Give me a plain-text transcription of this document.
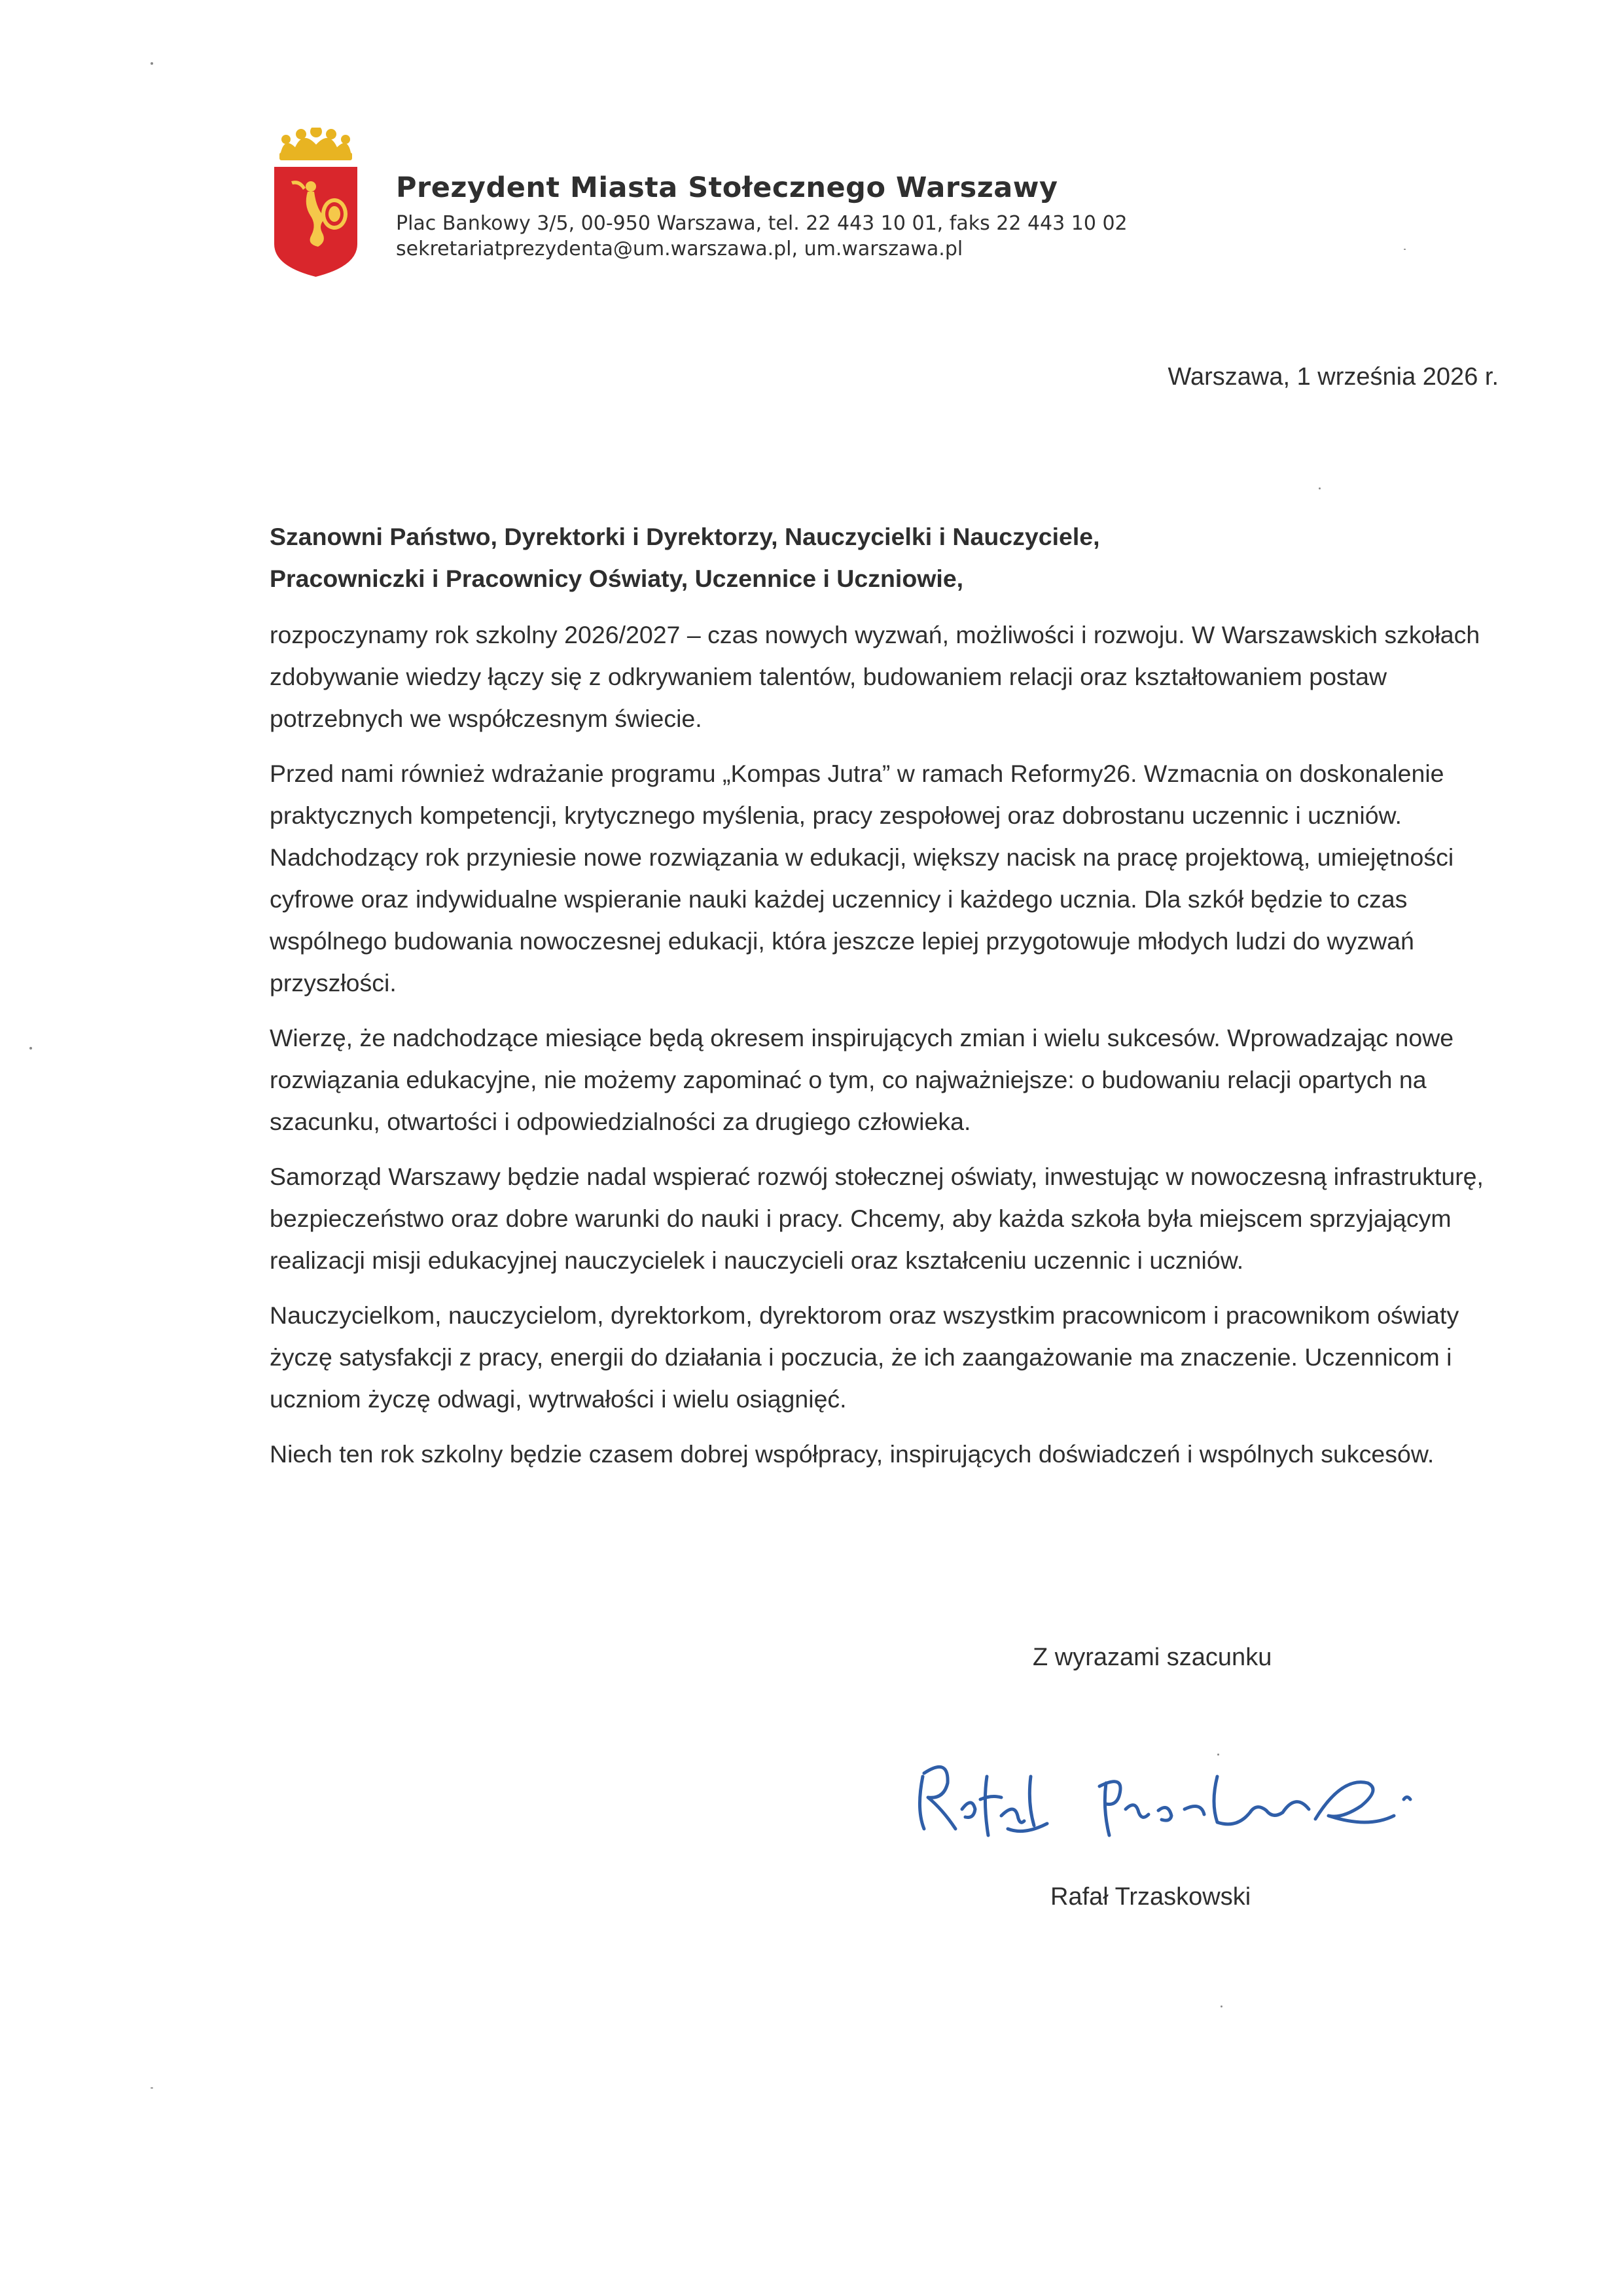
Prezydent Miasta Stołecznego Warszawy
Plac Bankowy 3/5, 00-950 Warszawa, tel. 22 443 10 01, faks 22 443 10 02
sekretariatprezydenta@um.warszawa.pl, um.warszawa.pl
Warszawa, 1 września 2026 r.
Szanowni Państwo, Dyrektorki i Dyrektorzy, Nauczycielki i Nauczyciele,
Pracowniczki i Pracownicy Oświaty, Uczennice i Uczniowie,

rozpoczynamy rok szkolny 2026/2027 – czas nowych wyzwań, możliwości i rozwoju. W Warszawskich szkołach zdobywanie wiedzy łączy się z odkrywaniem talentów, budowaniem relacji oraz kształtowaniem postaw potrzebnych we współczesnym świecie.

Przed nami również wdrażanie programu „Kompas Jutra” w ramach Reformy26. Wzmacnia on doskonalenie praktycznych kompetencji, krytycznego myślenia, pracy zespołowej oraz dobrostanu uczennic i uczniów. Nadchodzący rok przyniesie nowe rozwiązania w edukacji, większy nacisk na pracę projektową, umiejętności cyfrowe oraz indywidualne wspieranie nauki każdej uczennicy i każdego ucznia. Dla szkół będzie to czas wspólnego budowania nowoczesnej edukacji, która jeszcze lepiej przygotowuje młodych ludzi do wyzwań przyszłości.

Wierzę, że nadchodzące miesiące będą okresem inspirujących zmian i wielu sukcesów. Wprowadzając nowe rozwiązania edukacyjne, nie możemy zapominać o tym, co najważniejsze: o budowaniu relacji opartych na szacunku, otwartości i odpowiedzialności za drugiego człowieka.

Samorząd Warszawy będzie nadal wspierać rozwój stołecznej oświaty, inwestując w nowoczesną infrastrukturę, bezpieczeństwo oraz dobre warunki do nauki i pracy. Chcemy, aby każda szkoła była miejscem sprzyjającym realizacji misji edukacyjnej nauczycielek i nauczycieli oraz kształceniu uczennic i uczniów.

Nauczycielkom, nauczycielom, dyrektorkom, dyrektorom oraz wszystkim pracownicom i pracownikom oświaty życzę satysfakcji z pracy, energii do działania i poczucia, że ich zaangażowanie ma znaczenie. Uczennicom i uczniom życzę odwagi, wytrwałości i wielu osiągnięć.

Niech ten rok szkolny będzie czasem dobrej współpracy, inspirujących doświadczeń i wspólnych sukcesów.

Z wyrazami szacunku
Rafał Trzaskowski
